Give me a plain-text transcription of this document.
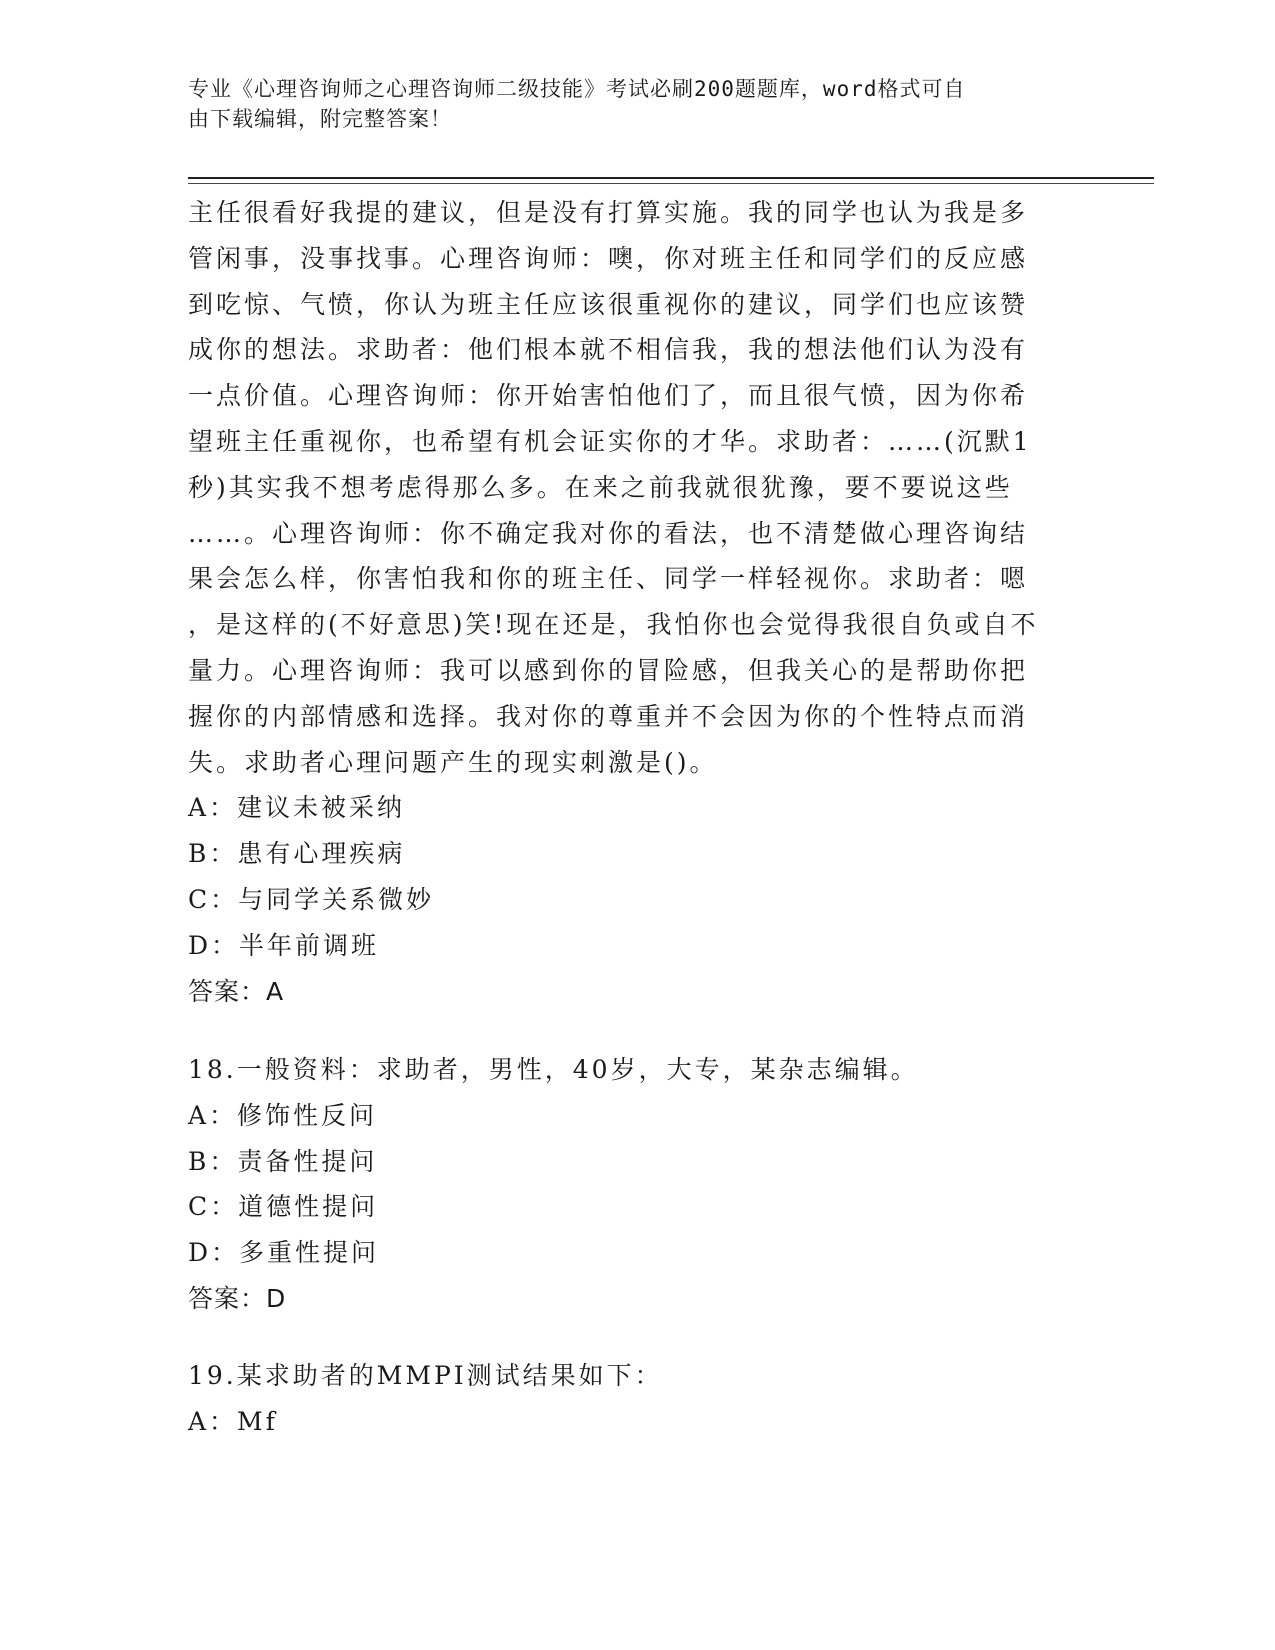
专业《心理咨询师之心理咨询师二级技能》考试必刷200题题库，word格式可自
由下载编辑，附完整答案！
主任很看好我提的建议，但是没有打算实施。我的同学也认为我是多
管闲事，没事找事。心理咨询师：噢，你对班主任和同学们的反应感
到吃惊、气愤，你认为班主任应该很重视你的建议，同学们也应该赞
成你的想法。求助者：他们根本就不相信我，我的想法他们认为没有
一点价值。心理咨询师：你开始害怕他们了，而且很气愤，因为你希
望班主任重视你，也希望有机会证实你的才华。求助者：……(沉默1
秒)其实我不想考虑得那么多。在来之前我就很犹豫，要不要说这些
……。心理咨询师：你不确定我对你的看法，也不清楚做心理咨询结
果会怎么样，你害怕我和你的班主任、同学一样轻视你。求助者：嗯
，是这样的(不好意思)笑!现在还是，我怕你也会觉得我很自负或自不
量力。心理咨询师：我可以感到你的冒险感，但我关心的是帮助你把
握你的内部情感和选择。我对你的尊重并不会因为你的个性特点而消
失。求助者心理问题产生的现实刺激是()。
A：建议未被采纳
B：患有心理疾病
C：与同学关系微妙
D：半年前调班
答案：A
18.一般资料：求助者，男性，40岁，大专，某杂志编辑。
A：修饰性反问
B：责备性提问
C：道德性提问
D：多重性提问
答案：D
19.某求助者的MMPI测试结果如下：
A：Mf
